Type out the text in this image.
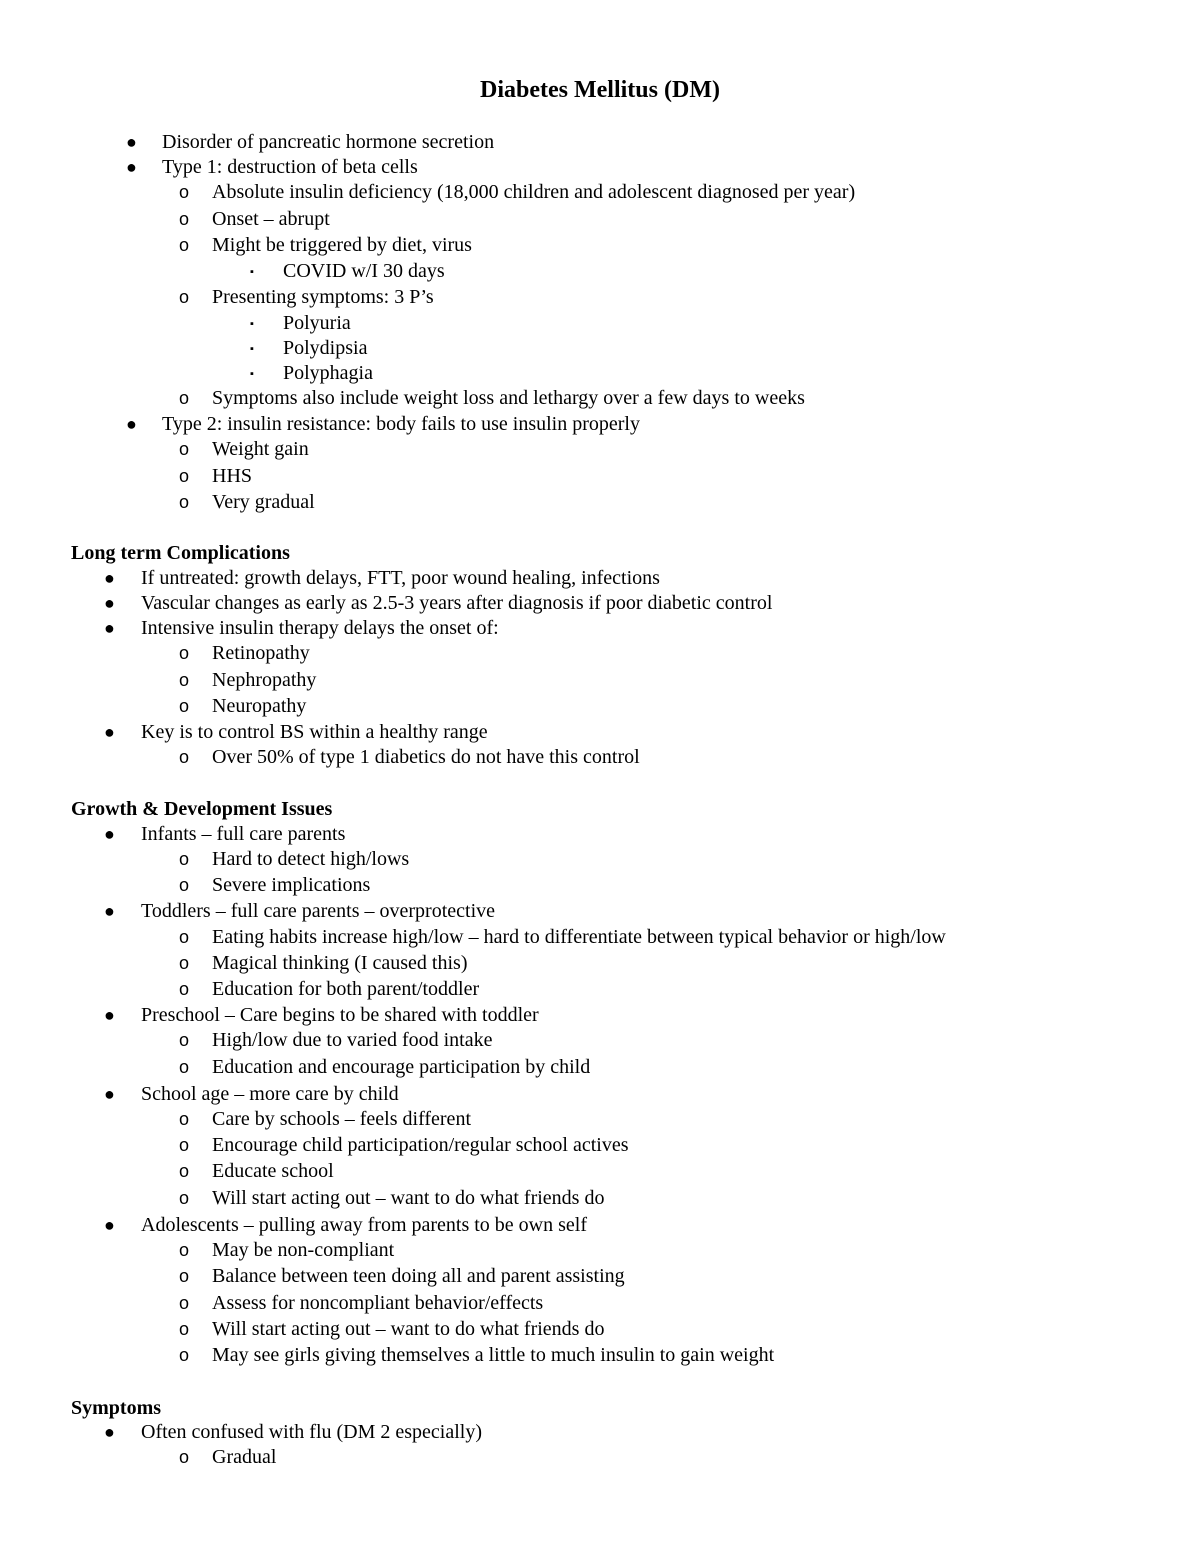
Diabetes Mellitus (DM)
Long term Complications
Growth & Development Issues
Symptoms
● Disorder of pancreatic hormone secretion
● Type 1: destruction of beta cells
o Absolute insulin deficiency (18,000 children and adolescent diagnosed per year)
o Onset – abrupt
o Might be triggered by diet, virus
▪ COVID w/I 30 days
o Presenting symptoms: 3 P’s
▪ Polyuria
▪ Polydipsia
▪ Polyphagia
o Symptoms also include weight loss and lethargy over a few days to weeks
● Type 2: insulin resistance: body fails to use insulin properly
o Weight gain
o HHS
o Very gradual
● If untreated: growth delays, FTT, poor wound healing, infections
● Vascular changes as early as 2.5-3 years after diagnosis if poor diabetic control
● Intensive insulin therapy delays the onset of:
o Retinopathy
o Nephropathy
o Neuropathy
● Key is to control BS within a healthy range
o Over 50% of type 1 diabetics do not have this control
● Infants – full care parents
o Hard to detect high/lows
o Severe implications
● Toddlers – full care parents – overprotective
o Eating habits increase high/low – hard to differentiate between typical behavior or high/low
o Magical thinking (I caused this)
o Education for both parent/toddler
● Preschool – Care begins to be shared with toddler
o High/low due to varied food intake
o Education and encourage participation by child
● School age – more care by child
o Care by schools – feels different
o Encourage child participation/regular school actives
o Educate school
o Will start acting out – want to do what friends do
● Adolescents – pulling away from parents to be own self
o May be non-compliant
o Balance between teen doing all and parent assisting
o Assess for noncompliant behavior/effects
o Will start acting out – want to do what friends do
o May see girls giving themselves a little to much insulin to gain weight
● Often confused with flu (DM 2 especially)
o Gradual
